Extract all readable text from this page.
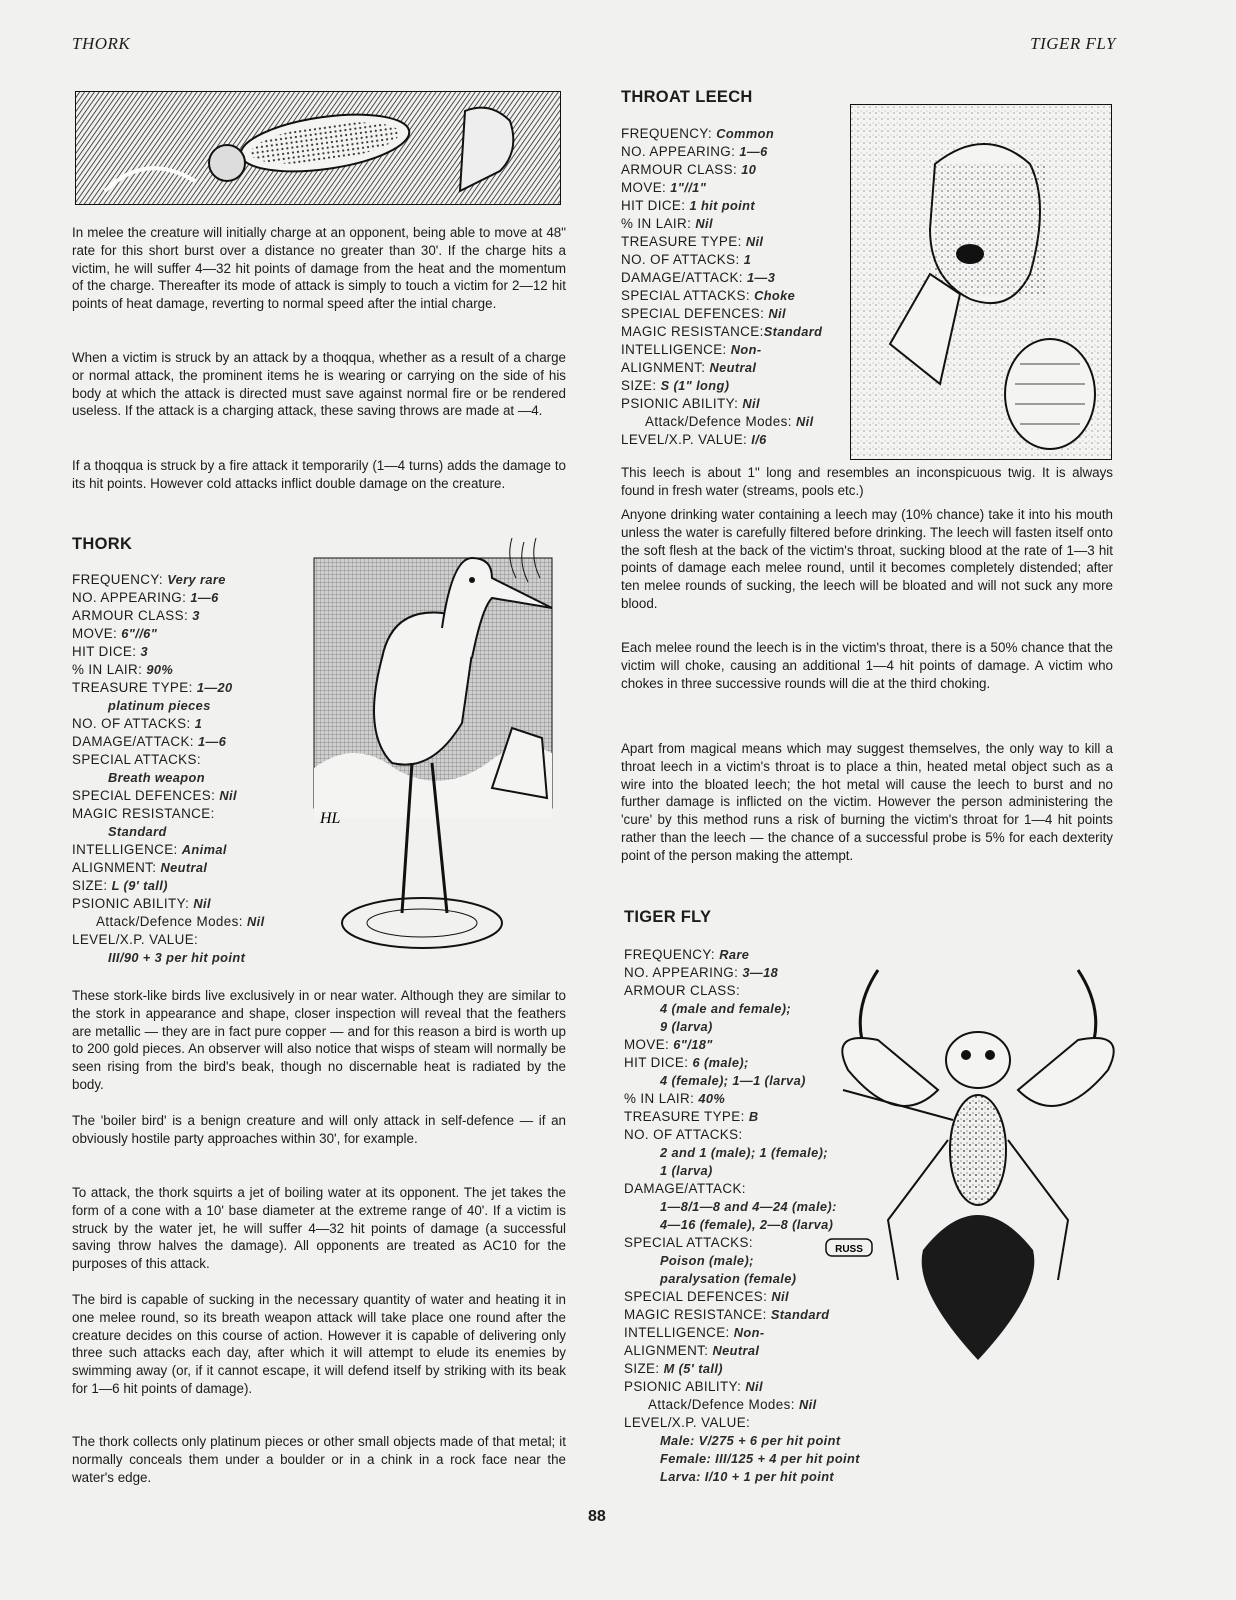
THORK	TIGER FLY
In melee the creature will initially charge at an opponent, being able to move at 48" rate for this short burst over a distance no greater than 30'. If the charge hits a victim, he will suffer 4—32 hit points of damage from the heat and the momentum of the charge. Thereafter its mode of attack is simply to touch a victim for 2—12 hit points of heat damage, reverting to normal speed after the intial charge.
When a victim is struck by an attack by a thoqqua, whether as a result of a charge or normal attack, the prominent items he is wearing or carrying on the side of his body at which the attack is directed must save against normal fire or be rendered useless. If the attack is a charging attack, these saving throws are made at —4.
If a thoqqua is struck by a fire attack it temporarily (1—4 turns) adds the damage to its hit points. However cold attacks inflict double damage on the creature.
THORK
FREQUENCY: Very rare
NO. APPEARING: 1—6
ARMOUR CLASS: 3
MOVE: 6"//6"
HIT DICE: 3
% IN LAIR: 90%
TREASURE TYPE: 1—20
platinum pieces
NO. OF ATTACKS: 1
DAMAGE/ATTACK: 1—6
SPECIAL ATTACKS:
Breath weapon
SPECIAL DEFENCES: Nil
MAGIC RESISTANCE:
Standard
INTELLIGENCE: Animal
ALIGNMENT: Neutral
SIZE: L (9' tall)
PSIONIC ABILITY: Nil
Attack/Defence Modes: Nil
LEVEL/X.P. VALUE:
III/90 + 3 per hit point
HL
These stork-like birds live exclusively in or near water. Although they are similar to the stork in appearance and shape, closer inspection will reveal that the feathers are metallic — they are in fact pure copper — and for this reason a bird is worth up to 200 gold pieces. An observer will also notice that wisps of steam will normally be seen rising from the bird's beak, though no discernable heat is radiated by the body.
The 'boiler bird' is a benign creature and will only attack in self-defence — if an obviously hostile party approaches within 30', for example.
To attack, the thork squirts a jet of boiling water at its opponent. The jet takes the form of a cone with a 10' base diameter at the extreme range of 40'. If a victim is struck by the water jet, he will suffer 4—32 hit points of damage (a successful saving throw halves the damage). All opponents are treated as AC10 for the purposes of this attack.
The bird is capable of sucking in the necessary quantity of water and heating it in one melee round, so its breath weapon attack will take place one round after the creature decides on this course of action. However it is capable of delivering only three such attacks each day, after which it will attempt to elude its enemies by swimming away (or, if it cannot escape, it will defend itself by striking with its beak for 1—6 hit points of damage).
The thork collects only platinum pieces or other small objects made of that metal; it normally conceals them under a boulder or in a chink in a rock face near the water's edge.
THROAT LEECH
FREQUENCY: Common
NO. APPEARING: 1—6
ARMOUR CLASS: 10
MOVE: 1"//1"
HIT DICE: 1 hit point
% IN LAIR: Nil
TREASURE TYPE: Nil
NO. OF ATTACKS: 1
DAMAGE/ATTACK: 1—3
SPECIAL ATTACKS: Choke
SPECIAL DEFENCES: Nil
MAGIC RESISTANCE:Standard
INTELLIGENCE: Non-
ALIGNMENT: Neutral
SIZE: S (1" long)
PSIONIC ABILITY: Nil
Attack/Defence Modes: Nil
LEVEL/X.P. VALUE: I/6
This leech is about 1" long and resembles an inconspicuous twig. It is always found in fresh water (streams, pools etc.)
Anyone drinking water containing a leech may (10% chance) take it into his mouth unless the water is carefully filtered before drinking. The leech will fasten itself onto the soft flesh at the back of the victim's throat, sucking blood at the rate of 1—3 hit points of damage each melee round, until it becomes completely distended; after ten melee rounds of sucking, the leech will be bloated and will not suck any more blood.
Each melee round the leech is in the victim's throat, there is a 50% chance that the victim will choke, causing an additional 1—4 hit points of damage. A victim who chokes in three successive rounds will die at the third choking.
Apart from magical means which may suggest themselves, the only way to kill a throat leech in a victim's throat is to place a thin, heated metal object such as a wire into the bloated leech; the hot metal will cause the leech to burst and no further damage is inflicted on the victim. However the person administering the 'cure' by this method runs a risk of burning the victim's throat for 1—4 hit points rather than the leech — the chance of a successful probe is 5% for each dexterity point of the person making the attempt.
TIGER FLY
FREQUENCY: Rare
NO. APPEARING: 3—18
ARMOUR CLASS:
4 (male and female);
9 (larva)
MOVE: 6"/18"
HIT DICE: 6 (male);
4 (female); 1—1 (larva)
% IN LAIR: 40%
TREASURE TYPE: B
NO. OF ATTACKS:
2 and 1 (male); 1 (female);
1 (larva)
DAMAGE/ATTACK:
1—8/1—8 and 4—24 (male):
4—16 (female), 2—8 (larva)
SPECIAL ATTACKS:
Poison (male);
paralysation (female)
SPECIAL DEFENCES: Nil
MAGIC RESISTANCE: Standard
INTELLIGENCE: Non-
ALIGNMENT: Neutral
SIZE: M (5' tall)
PSIONIC ABILITY: Nil
Attack/Defence Modes: Nil
LEVEL/X.P. VALUE:
Male: V/275 + 6 per hit point
Female: III/125 + 4 per hit point
Larva: I/10 + 1 per hit point
RUSS
88
